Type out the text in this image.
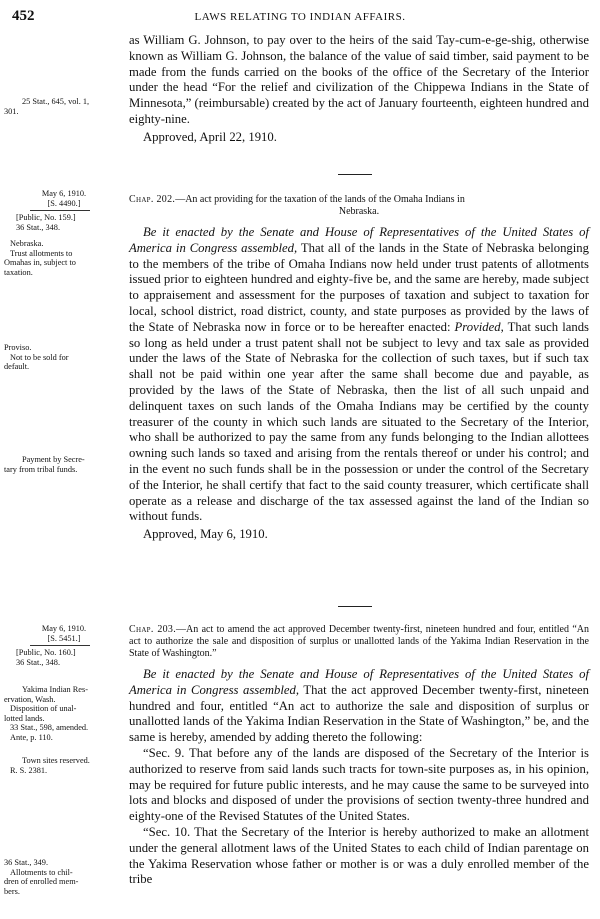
452	LAWS RELATING TO INDIAN AFFAIRS.
25 Stat., 645, vol. 1,
301.

as William G. Johnson, to pay over to the heirs of the said Tay-cum-e-ge-shig, otherwise known as William G. Johnson, the balance of the value of said timber, said payment to be made from the funds carried on the books of the office of the Secretary of the Interior under the head “For the relief and civilization of the Chippewa Indians in the State of Minnesota,” (reimbursable) created by the act of January fourteenth, eighteen hundred and eighty-nine.

Approved, April 22, 1910.

May 6, 1910.
[S. 4490.]
[Public, No. 159.]
36 Stat., 348.
Chap. 202.—An act providing for the taxation of the lands of the Omaha Indians in
Nebraska.
Nebraska.
Trust allotments to
Omahas in, subject to
taxation.
Proviso.
Not to be sold for
default.
Payment by Secre-
tary from tribal funds.

Be it enacted by the Senate and House of Representatives of the United States of America in Congress assembled, That all of the lands in the State of Nebraska belonging to the members of the tribe of Omaha Indians now held under trust patents of allotments issued prior to eighteen hundred and eighty-five be, and the same are hereby, made subject to appraisement and assessment for the purposes of taxation and subject to taxation for local, school district, road district, county, and state purposes as provided by the laws of the State of Nebraska now in force or to be hereafter enacted: Provided, That such lands so long as held under a trust patent shall not be subject to levy and tax sale as provided under the laws of the State of Nebraska for the collection of such taxes, but if such tax shall not be paid within one year after the same shall become due and payable, as provided by the laws of the State of Nebraska, then the list of all such unpaid and delinquent taxes on such lands of the Omaha Indians may be certified by the county treasurer of the county in which such lands are situated to the Secretary of the Interior, who shall be authorized to pay the same from any funds belonging to the Indian allottees owning such lands so taxed and arising from the rentals thereof or under his control; and in the event no such funds shall be in the possession or under the control of the Secretary of the Interior, he shall certify that fact to the said county treasurer, which certificate shall operate as a release and discharge of the tax assessed against the land of the Indian so without funds.

Approved, May 6, 1910.

May 6, 1910.
[S. 5451.]
[Public, No. 160.]
36 Stat., 348.
Chap. 203.—An act to amend the act approved December twenty-first, nineteen hundred and four, entitled “An act to authorize the sale and disposition of surplus or unallotted lands of the Yakima Indian Reservation in the State of Washington.”
Yakima Indian Res-
ervation, Wash.
Disposition of unal-
lotted lands.
33 Stat., 598, amended.
Ante, p. 110.
Town sites reserved.
R. S. 2381.
36 Stat., 349.
Allotments to chil-
dren of enrolled mem-
bers.

Be it enacted by the Senate and House of Representatives of the United States of America in Congress assembled, That the act approved December twenty-first, nineteen hundred and four, entitled “An act to authorize the sale and disposition of surplus or unallotted lands of the Yakima Indian Reservation in the State of Washington,” be, and the same is hereby, amended by adding thereto the following:

“Sec. 9. That before any of the lands are disposed of the Secretary of the Interior is authorized to reserve from said lands such tracts for town-site purposes as, in his opinion, may be required for future public interests, and he may cause the same to be surveyed into lots and blocks and disposed of under the provisions of section twenty-three hundred and eighty-one of the Revised Statutes of the United States.

“Sec. 10. That the Secretary of the Interior is hereby authorized to make an allotment under the general allotment laws of the United States to each child of Indian parentage on the Yakima Reservation whose father or mother is or was a duly enrolled member of the tribe
